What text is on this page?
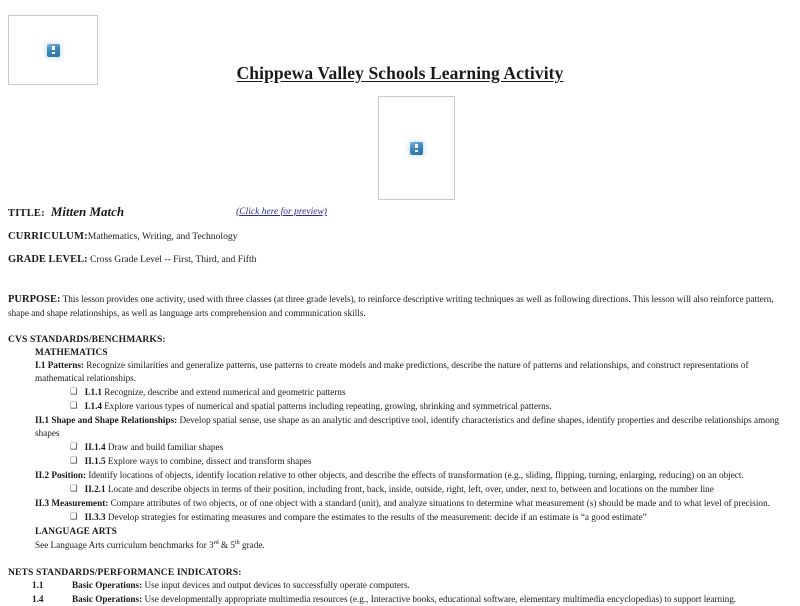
Chippewa Valley Schools Learning Activity
TITLE: Mitten Match	(Click here for preview)
CURRICULUM:Mathematics, Writing, and Technology
GRADE LEVEL: Cross Grade Level -- First, Third, and Fifth
PURPOSE: This lesson provides one activity, used with three classes (at three grade levels), to reinforce descriptive writing techniques as well as following directions. This lesson will also reinforce pattern, shape and shape relationships, as well as language arts comprehension and communication skills.
CVS STANDARDS/BENCHMARKS:
MATHEMATICS
I.1 Patterns: Recognize similarities and generalize patterns, use patterns to create models and make predictions, describe the nature of patterns and relationships, and construct representations of mathematical relationships.
❑ I.1.1 Recognize, describe and extend numerical and geometric patterns
❑ I.1.4 Explore various types of numerical and spatial patterns including repeating, growing, shrinking and symmetrical patterns.
II.1 Shape and Shape Relationships: Develop spatial sense, use shape as an analytic and descriptive tool, identify characteristics and define shapes, identify properties and describe relationships among shapes
❑ II.1.4 Draw and build familiar shapes
❑ II.1.5 Explore ways to combine, dissect and transform shapes
II.2 Position: Identify locations of objects, identify location relative to other objects, and describe the effects of transformation (e.g., sliding, flipping, turning, enlarging, reducing) on an object.
❑ II.2.1 Locate and describe objects in terms of their position, including front, back, inside, outside, right, left, over, under, next to, between and locations on the number line
II.3 Measurement: Compare attributes of two objects, or of one object with a standard (unit), and analyze situations to determine what measurement (s) should be made and to what level of precision.
❑ II.3.3 Develop strategies for estimating measures and compare the estimates to the results of the measurement: decide if an estimate is “a good estimate”
LANGUAGE ARTS
See Language Arts curriculum benchmarks for 3rd & 5th grade.
NETS STANDARDS/PERFORMANCE INDICATORS:
1.1	Basic Operations: Use input devices and output devices to successfully operate computers.
1.4	Basic Operations: Use developmentally appropriate multimedia resources (e.g., Interactive books, educational software, elementary multimedia encyclopedias) to support learning.
